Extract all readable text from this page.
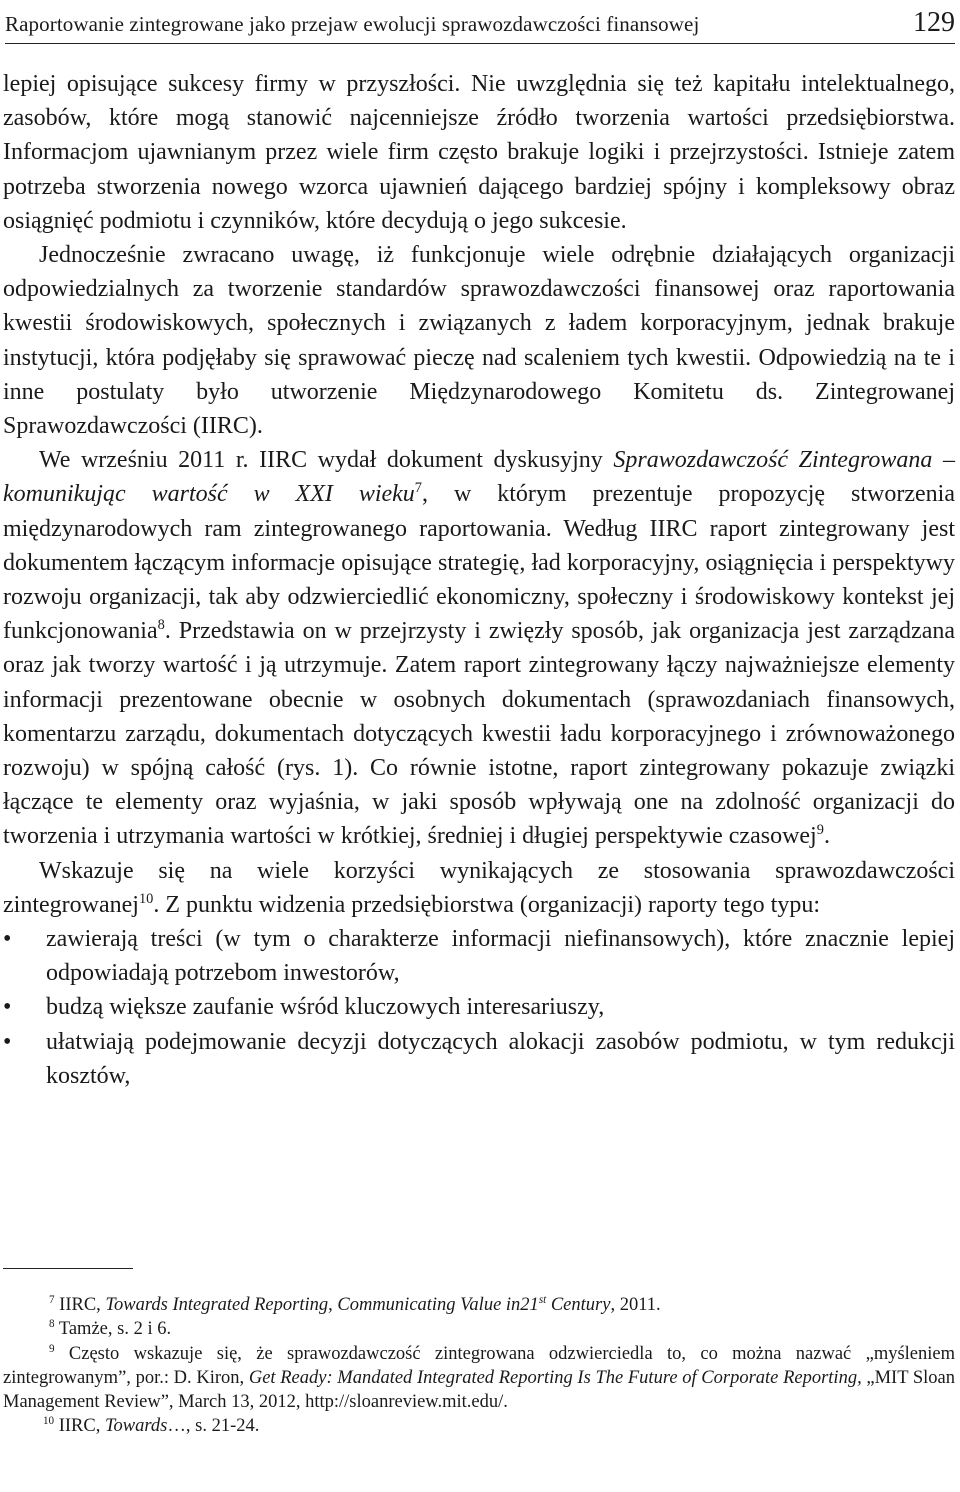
Raportowanie zintegrowane jako przejaw ewolucji sprawozdawczości finansowej	129

lepiej opisujące sukcesy firmy w przyszłości. Nie uwzględnia się też kapitału intelektualnego, zasobów, które mogą stanowić najcenniejsze źródło tworzenia wartości przedsiębiorstwa. Informacjom ujawnianym przez wiele firm często brakuje logiki i przejrzystości. Istnieje zatem potrzeba stworzenia nowego wzorca ujawnień dającego bardziej spójny i kompleksowy obraz osiągnięć podmiotu i czynników, które decydują o jego sukcesie.

Jednocześnie zwracano uwagę, iż funkcjonuje wiele odrębnie działających organizacji odpowiedzialnych za tworzenie standardów sprawozdawczości finansowej oraz raportowania kwestii środowiskowych, społecznych i związanych z ładem korporacyjnym, jednak brakuje instytucji, która podjęłaby się sprawować pieczę nad scaleniem tych kwestii. Odpowiedzią na te i inne postulaty było utworzenie Międzynarodowego Komitetu ds. Zintegrowanej Sprawozdawczości (IIRC).

We wrześniu 2011 r. IIRC wydał dokument dyskusyjny Sprawozdawczość Zintegrowana – komunikując wartość w XXI wieku$^7$, w którym prezentuje propozycję stworzenia międzynarodowych ram zintegrowanego raportowania. Według IIRC raport zintegrowany jest dokumentem łączącym informacje opisujące strategię, ład korporacyjny, osiągnięcia i perspektywy rozwoju organizacji, tak aby odzwierciedlić ekonomiczny, społeczny i środowiskowy kontekst jej funkcjonowania$^8$. Przedstawia on w przejrzysty i zwięzły sposób, jak organizacja jest zarządzana oraz jak tworzy wartość i ją utrzymuje. Zatem raport zintegrowany łączy najważniejsze elementy informacji prezentowane obecnie w osobnych dokumentach (sprawozdaniach finansowych, komentarzu zarządu, dokumentach dotyczących kwestii ładu korporacyjnego i zrównoważonego rozwoju) w spójną całość (rys. 1). Co równie istotne, raport zintegrowany pokazuje związki łączące te elementy oraz wyjaśnia, w jaki sposób wpływają one na zdolność organizacji do tworzenia i utrzymania wartości w krótkiej, średniej i długiej perspektywie czasowej$^9$.

Wskazuje się na wiele korzyści wynikających ze stosowania sprawozdawczości zintegrowanej$^{10}$. Z punktu widzenia przedsiębiorstwa (organizacji) raporty tego typu:

• zawierają treści (w tym o charakterze informacji niefinansowych), które znacznie lepiej odpowiadają potrzebom inwestorów,
• budzą większe zaufanie wśród kluczowych interesariuszy,
• ułatwiają podejmowanie decyzji dotyczących alokacji zasobów podmiotu, w tym redukcji kosztów,

$^7$ IIRC, Towards Integrated Reporting, Communicating Value in21st Century, 2011.

$^8$ Tamże, s. 2 i 6.

$^9$ Często wskazuje się, że sprawozdawczość zintegrowana odzwierciedla to, co można nazwać „myśleniem zintegrowanym”, por.: D. Kiron, Get Ready: Mandated Integrated Reporting Is The Future of Corporate Reporting, „MIT Sloan Management Review”, March 13, 2012, http://sloanreview.mit.edu/.

$^{10}$ IIRC, Towards…, s. 21-24.
